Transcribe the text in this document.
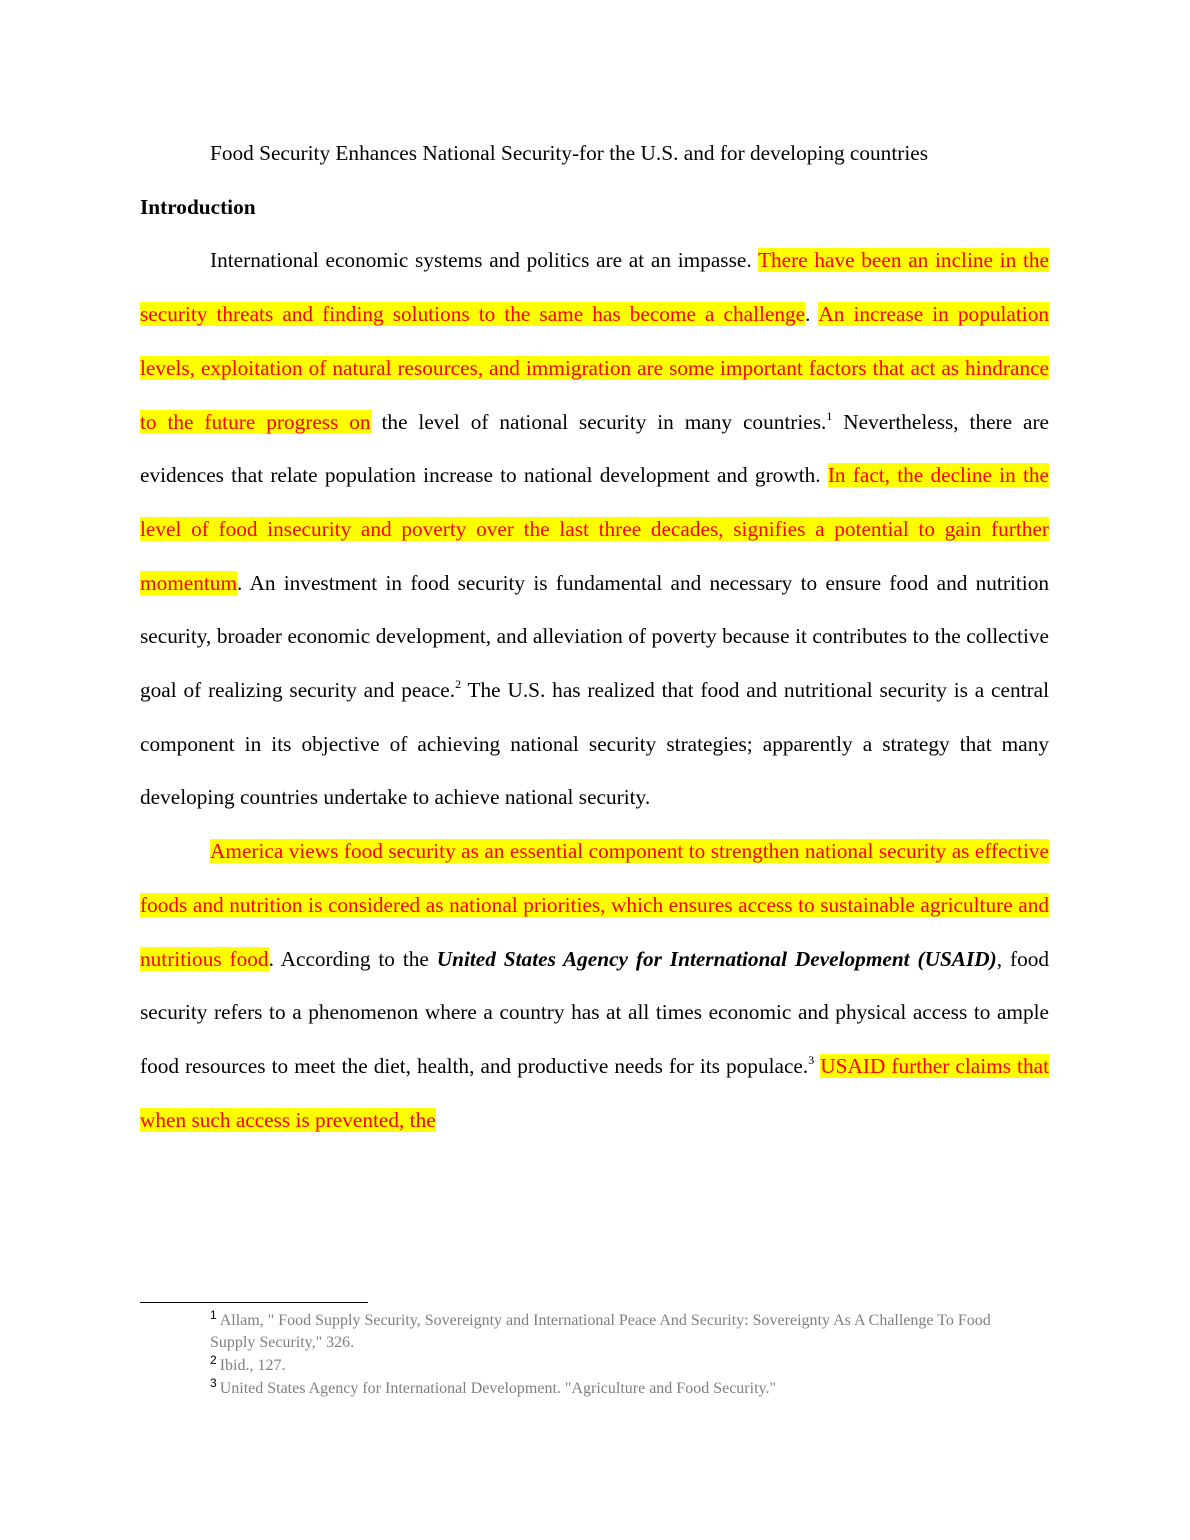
Food Security Enhances National Security-for the U.S. and for developing countries

Introduction

International economic systems and politics are at an impasse. There have been an incline in the security threats and finding solutions to the same has become a challenge. An increase in population levels, exploitation of natural resources, and immigration are some important factors that act as hindrance to the future progress on the level of national security in many countries.$^1$ Nevertheless, there are evidences that relate population increase to national development and growth. In fact, the decline in the level of food insecurity and poverty over the last three decades, signifies a potential to gain further momentum. An investment in food security is fundamental and necessary to ensure food and nutrition security, broader economic development, and alleviation of poverty because it contributes to the collective goal of realizing security and peace.$^2$ The U.S. has realized that food and nutritional security is a central component in its objective of achieving national security strategies; apparently a strategy that many developing countries undertake to achieve national security.

America views food security as an essential component to strengthen national security as effective foods and nutrition is considered as national priorities, which ensures access to sustainable agriculture and nutritious food. According to the United States Agency for International Development (USAID), food security refers to a phenomenon where a country has at all times economic and physical access to ample food resources to meet the diet, health, and productive needs for its populace.$^3$ USAID further claims that when such access is prevented, the

$^1$ Allam, " Food Supply Security, Sovereignty and International Peace And Security: Sovereignty As A Challenge To Food Supply Security," 326.

$^2$ Ibid., 127.

$^3$ United States Agency for International Development. "Agriculture and Food Security."
